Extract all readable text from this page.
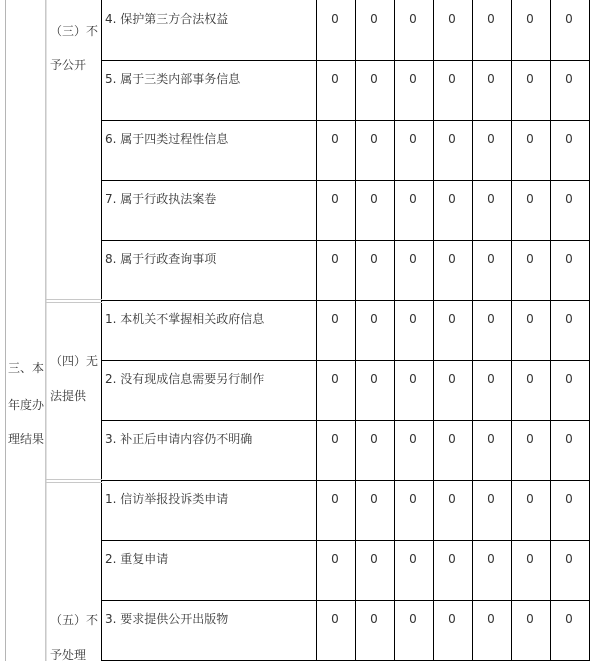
三、本
年度办
理结果
（三）不
予公开
（四）无
法提供
（五）不
予处理
4. 保护第三方合法权益	0	0	0	0	0	0	0
5. 属于三类内部事务信息	0	0	0	0	0	0	0
6. 属于四类过程性信息	0	0	0	0	0	0	0
7. 属于行政执法案卷	0	0	0	0	0	0	0
8. 属于行政查询事项	0	0	0	0	0	0	0
1. 本机关不掌握相关政府信息	0	0	0	0	0	0	0
2. 没有现成信息需要另行制作	0	0	0	0	0	0	0
3. 补正后申请内容仍不明确	0	0	0	0	0	0	0
1. 信访举报投诉类申请	0	0	0	0	0	0	0
2. 重复申请	0	0	0	0	0	0	0
3. 要求提供公开出版物	0	0	0	0	0	0	0
